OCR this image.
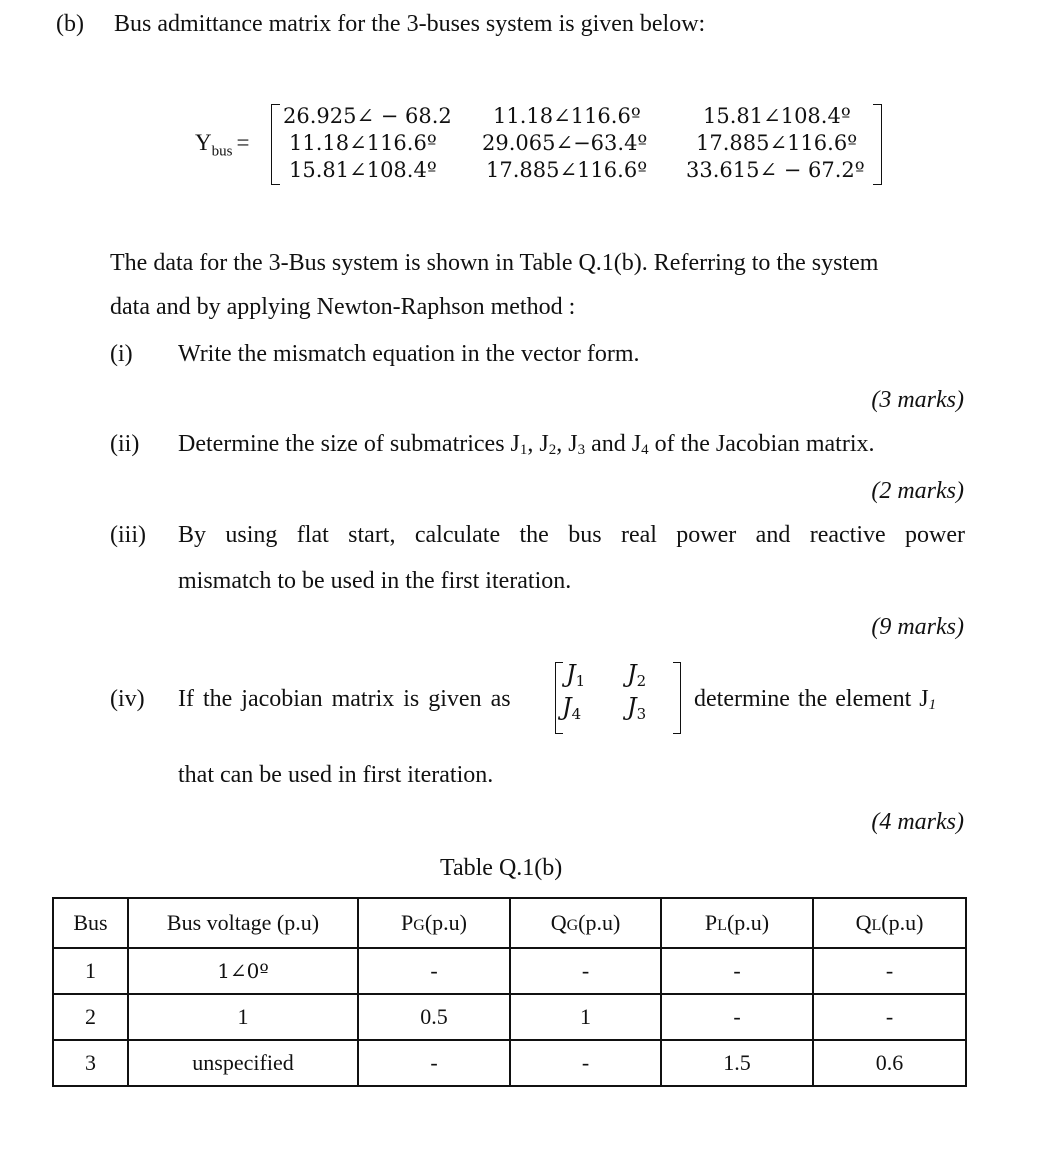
(b) Bus admittance matrix for the 3-buses system is given below:
$Y_{bus}$ =
26.925∠ − 68.2 11.18∠116.6º	15.81∠108.4º
11.18∠116.6º 29.065∠−63.4º 17.885∠116.6º
15.81∠108.4º 17.885∠116.6º 33.615∠ − 67.2º
The data for the 3-Bus system is shown in Table Q.1(b). Referring to the system
data and by applying Newton-Raphson method :
(i) Write the mismatch equation in the vector form.
(3 marks)
(ii) Determine the size of submatrices $J_1$, $J_2$, $J_3$ and $J_4$ of the Jacobian matrix.
(2 marks)
(iii) By using flat start, calculate the bus real power and reactive power
mismatch to be used in the first iteration.
(9 marks)
(iv) If the jacobian matrix is given as
$J_1$ $J_2$
$J_4$ $J_3$
determine the element $J_1$
that can be used in first iteration.
(4 marks)
Table Q.1(b)
Bus	Bus voltage (p.u)	PG(p.u)	QG(p.u)	PL(p.u)	QL(p.u)
1	1∠0º	-	-	-	-
2	1	0.5	1	-	-
3	unspecified	-	-	1.5	0.6
